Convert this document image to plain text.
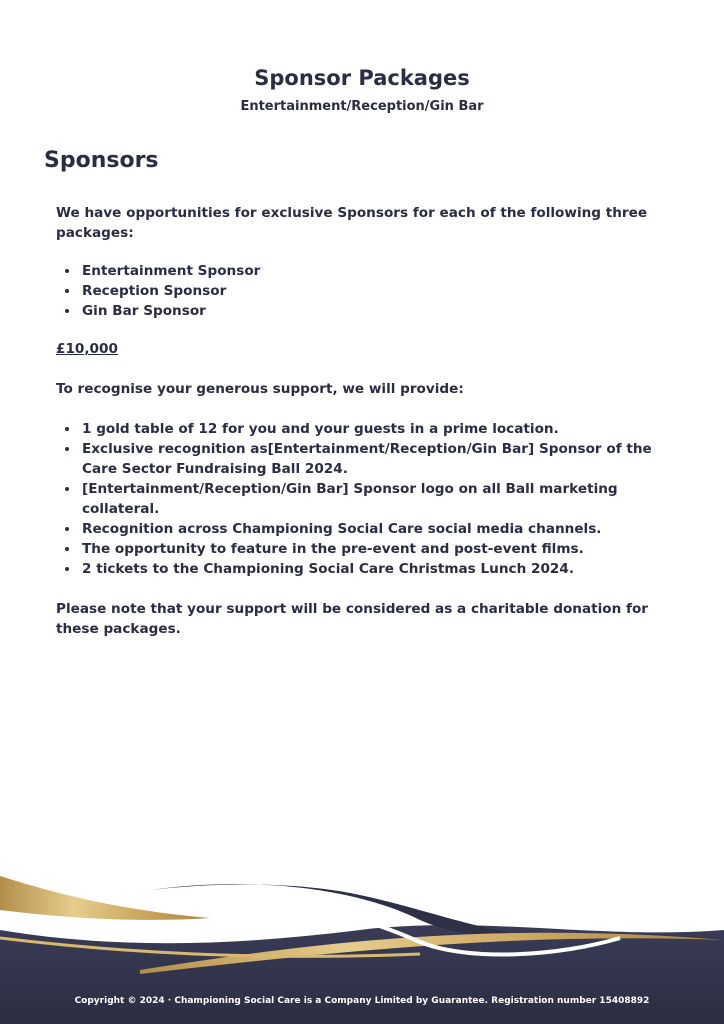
Sponsor Packages
Entertainment/Reception/Gin Bar
Sponsors

We have opportunities for exclusive Sponsors for each of the following three packages:

• Entertainment Sponsor
• Reception Sponsor
• Gin Bar Sponsor

£10,000

To recognise your generous support, we will provide:

• 1 gold table of 12 for you and your guests in a prime location.
• Exclusive recognition as[Entertainment/Reception/Gin Bar] Sponsor of the Care Sector Fundraising Ball 2024.
• [Entertainment/Reception/Gin Bar] Sponsor logo on all Ball marketing collateral.
• Recognition across Championing Social Care social media channels.
• The opportunity to feature in the pre-event and post-event films.
• 2 tickets to the Championing Social Care Christmas Lunch 2024.

Please note that your support will be considered as a charitable donation for these packages.

Copyright © 2024 · Championing Social Care is a Company Limited by Guarantee. Registration number 15408892
